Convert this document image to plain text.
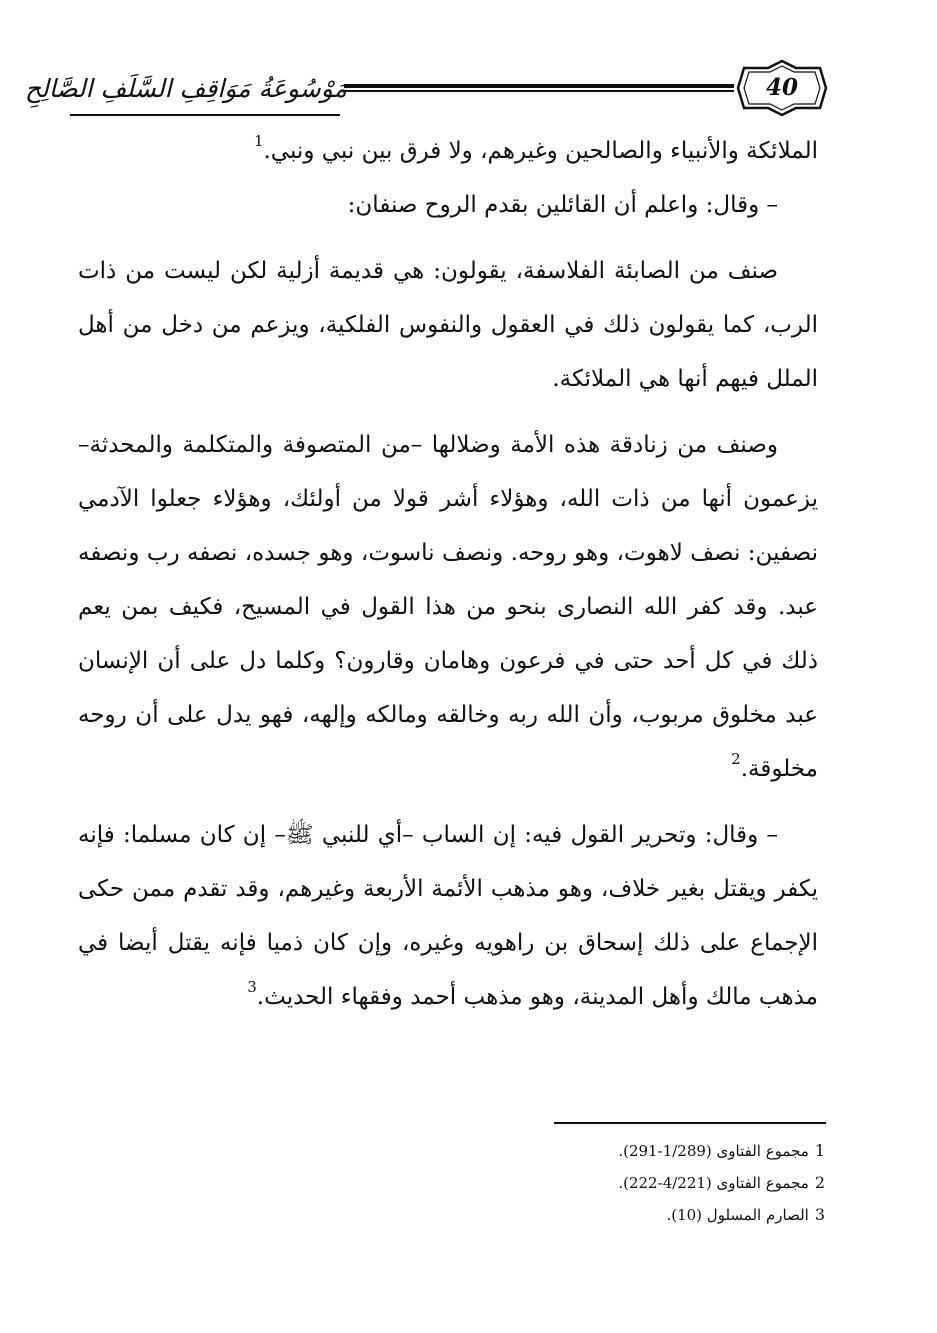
40
مَوْسُوعَةُ مَوَاقِفِ السَّلَفِ الصَّالِحِ

الملائكة والأنبياء والصالحين وغيرهم، ولا فرق بين نبي ونبي.$^1$

– وقال: واعلم أن القائلين بقدم الروح صنفان:

صنف من الصابئة الفلاسفة، يقولون: هي قديمة أزلية لكن ليست من ذات الرب، كما يقولون ذلك في العقول والنفوس الفلكية، ويزعم من دخل من أهل الملل فيهم أنها هي الملائكة.

وصنف من زنادقة هذه الأمة وضلالها –من المتصوفة والمتكلمة والمحدثة– يزعمون أنها من ذات الله، وهؤلاء أشر قولا من أولئك، وهؤلاء جعلوا الآدمي نصفين: نصف لاهوت، وهو روحه. ونصف ناسوت، وهو جسده، نصفه رب ونصفه عبد. وقد كفر الله النصارى بنحو من هذا القول في المسيح، فكيف بمن يعم ذلك في كل أحد حتى في فرعون وهامان وقارون؟ وكلما دل على أن الإنسان عبد مخلوق مربوب، وأن الله ربه وخالقه ومالكه وإلهه، فهو يدل على أن روحه مخلوقة.$^2$

– وقال: وتحرير القول فيه: إن الساب –أي للنبي ﷺ– إن كان مسلما: فإنه يكفر ويقتل بغير خلاف، وهو مذهب الأئمة الأربعة وغيرهم، وقد تقدم ممن حكى الإجماع على ذلك إسحاق بن راهويه وغيره، وإن كان ذميا فإنه يقتل أيضا في مذهب مالك وأهل المدينة، وهو مذهب أحمد وفقهاء الحديث.$^3$

1مجموع الفتاوى (1/289-291).
2مجموع الفتاوى (4/221-222).
3الصارم المسلول (10).
